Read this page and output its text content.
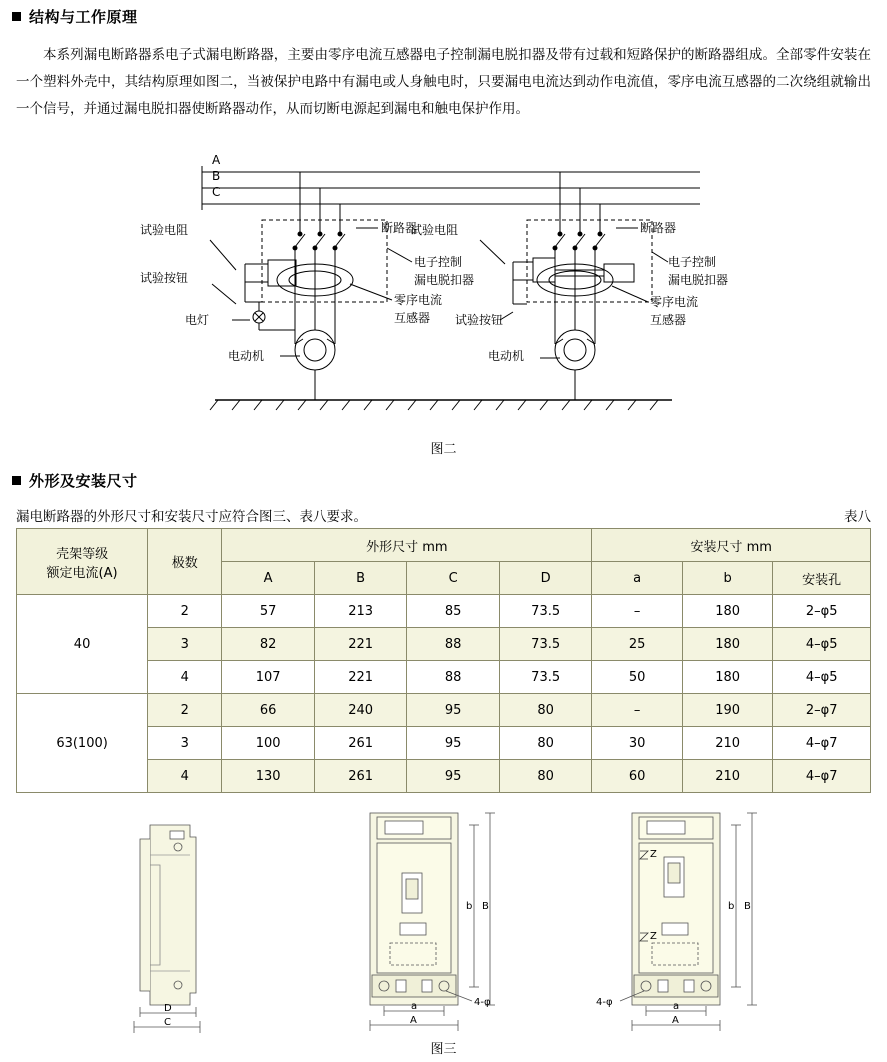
结构与工作原理
本系列漏电断路器系电子式漏电断路器，主要由零序电流互感器电子控制漏电脱扣器及带有过载和短路保护的断路器组成。全部零件安装在一个塑料外壳中，其结构原理如图二，当被保护电路中有漏电或人身触电时，只要漏电电流达到动作电流值，零序电流互感器的二次绕组就输出一个信号，并通过漏电脱扣器使断路器动作，从而切断电源起到漏电和触电保护作用。
A
B
C
试验电阻
试验按钮
电灯
电动机
断路器
电子控制
漏电脱扣器
零序电流
互感器
试验电阻
试验按钮
电动机
断路器
电子控制
漏电脱扣器
零序电流
互感器
图二
外形及安装尺寸
漏电断路器的外形尺寸和安装尺寸应符合图三、表八要求。	表八
壳架等级
额定电流(A)	极数	外形尺寸 mm				安装尺寸 mm		
		A	B	C	D	a	b	安装孔
40	2	57	213	85	73.5	–	180	2–φ5
	3	82	221	88	73.5	25	180	4–φ5
	4	107	221	88	73.5	50	180	4–φ5
63(100)	2	66	240	95	80	–	190	2–φ7
	3	100	261	95	80	30	210	4–φ7
	4	130	261	95	80	60	210	4–φ7
D
C
b B
a
A
4-φ
Z
Z
b B
a
A
4-φ
图三
